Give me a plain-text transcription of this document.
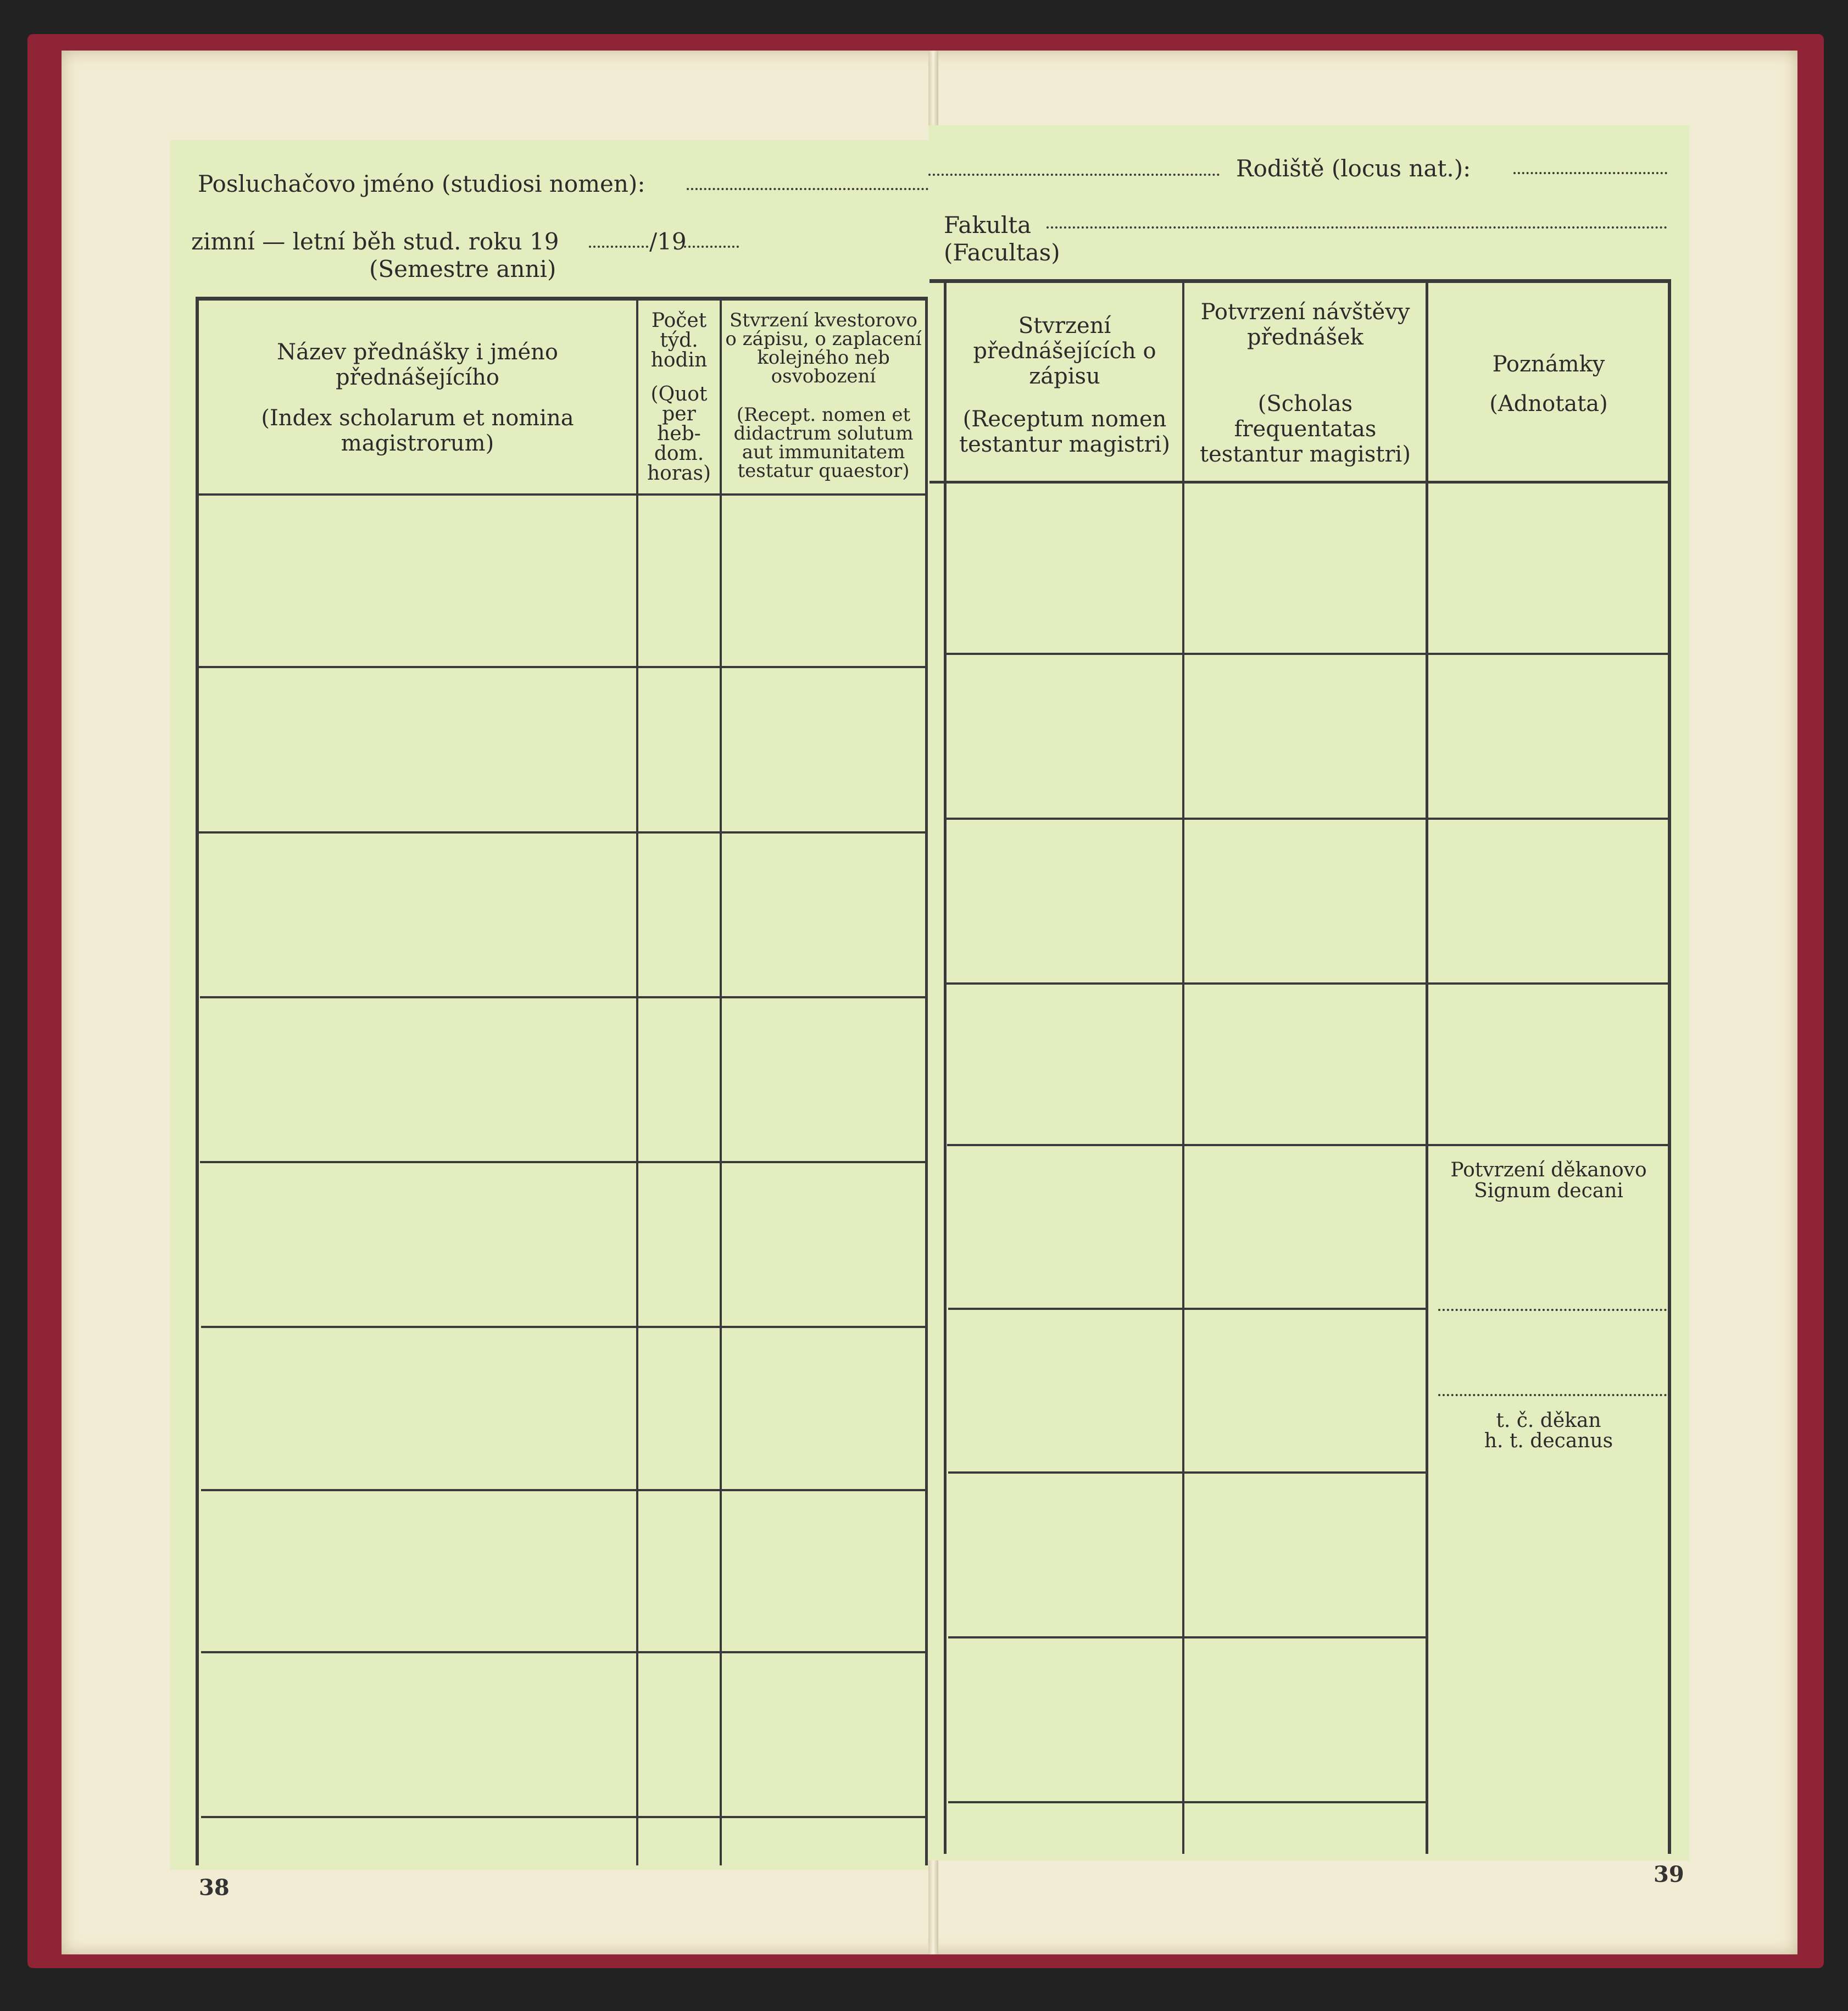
Posluchačovo jméno (studiosi nomen):
zimní — letní běh stud. roku 19	/19
(Semestre anni)
Rodiště (locus nat.):
Fakulta
(Facultas)
Název přednášky i jméno přednášejícího
(Index scholarum et nomina magistrorum)
Počet týd. hodin
(Quot per heb-dom. horas)
Stvrzení kvestorovo o zápisu, o zaplacení kolejného neb osvobození
(Recept. nomen et didactrum solutum aut immunitatem testatur quaestor)
Stvrzení přednášejících o zápisu
(Receptum nomen testantur magistri)
Potvrzení návštěvy přednášek
(Scholas frequentatas testantur magistri)
Poznámky
(Adnotata)
Potvrzení děkanovo
Signum decani
t. č. děkan
h. t. decanus
38
39
